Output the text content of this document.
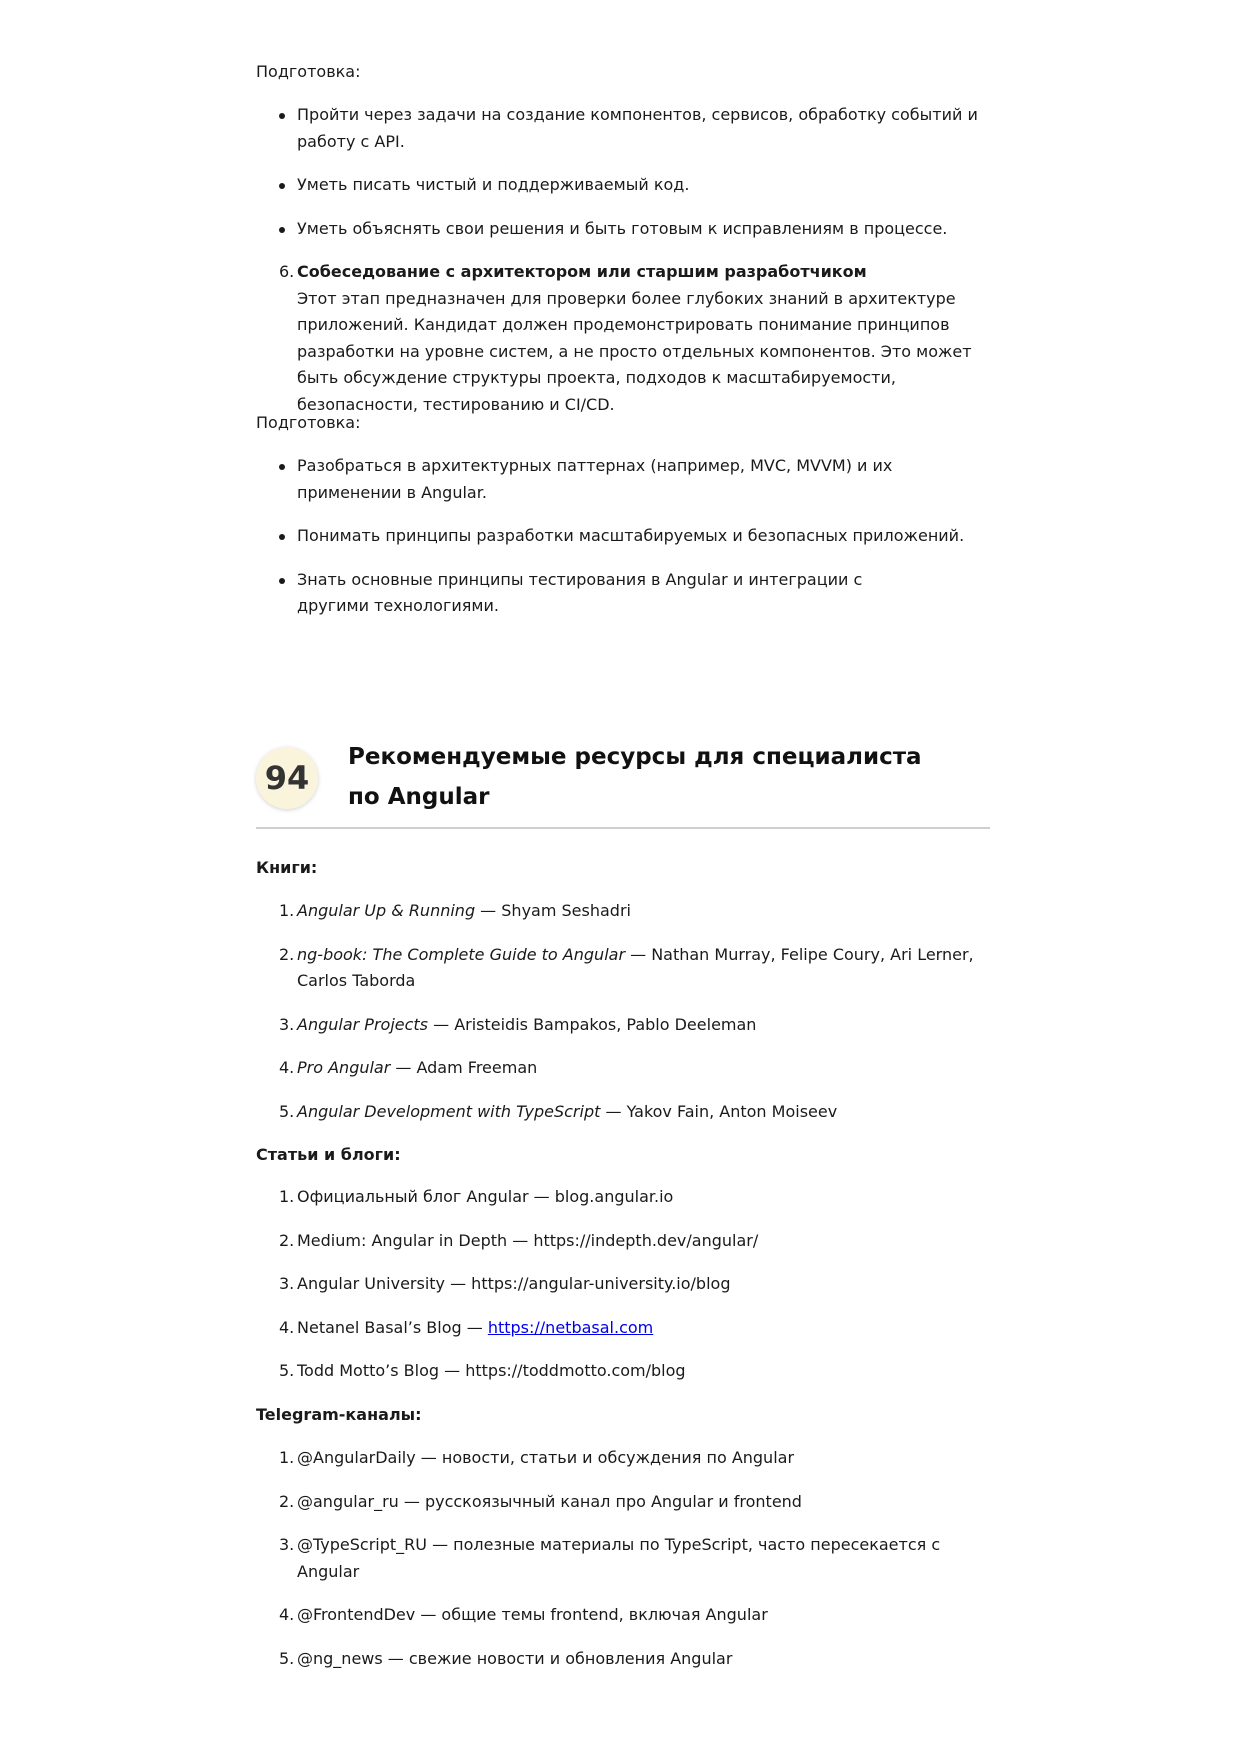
Подготовка:

Пройти через задачи на создание компонентов, сервисов, обработку событий и работу с API.
Уметь писать чистый и поддерживаемый код.
Уметь объяснять свои решения и быть готовым к исправлениям в процессе.
6. Собеседование с архитектором или старшим разработчиком
Этот этап предназначен для проверки более глубоких знаний в архитектуре приложений. Кандидат должен продемонстрировать понимание принципов разработки на уровне систем, а не просто отдельных компонентов. Это может быть обсуждение структуры проекта, подходов к масштабируемости, безопасности, тестированию и CI/CD.

Подготовка:

Разобраться в архитектурных паттернах (например, MVC, MVVM) и их применении в Angular.
Понимать принципы разработки масштабируемых и безопасных приложений.
Знать основные принципы тестирования в Angular и интеграции с другими технологиями.
94
Рекомендуемые ресурсы для специалиста по Angular

Книги:

1. Angular Up & Running — Shyam Seshadri
2. ng-book: The Complete Guide to Angular — Nathan Murray, Felipe Coury, Ari Lerner, Carlos Taborda
3. Angular Projects — Aristeidis Bampakos, Pablo Deeleman
4. Pro Angular — Adam Freeman
5. Angular Development with TypeScript — Yakov Fain, Anton Moiseev

Статьи и блоги:

1. Официальный блог Angular — blog.angular.io
2. Medium: Angular in Depth — https://indepth.dev/angular/
3. Angular University — https://angular-university.io/blog
4. Netanel Basal’s Blog — https://netbasal.com
5. Todd Motto’s Blog — https://toddmotto.com/blog

Telegram-каналы:

1. @AngularDaily — новости, статьи и обсуждения по Angular
2. @angular_ru — русскоязычный канал про Angular и frontend
3. @TypeScript_RU — полезные материалы по TypeScript, часто пересекается с Angular
4. @FrontendDev — общие темы frontend, включая Angular
5. @ng_news — свежие новости и обновления Angular
